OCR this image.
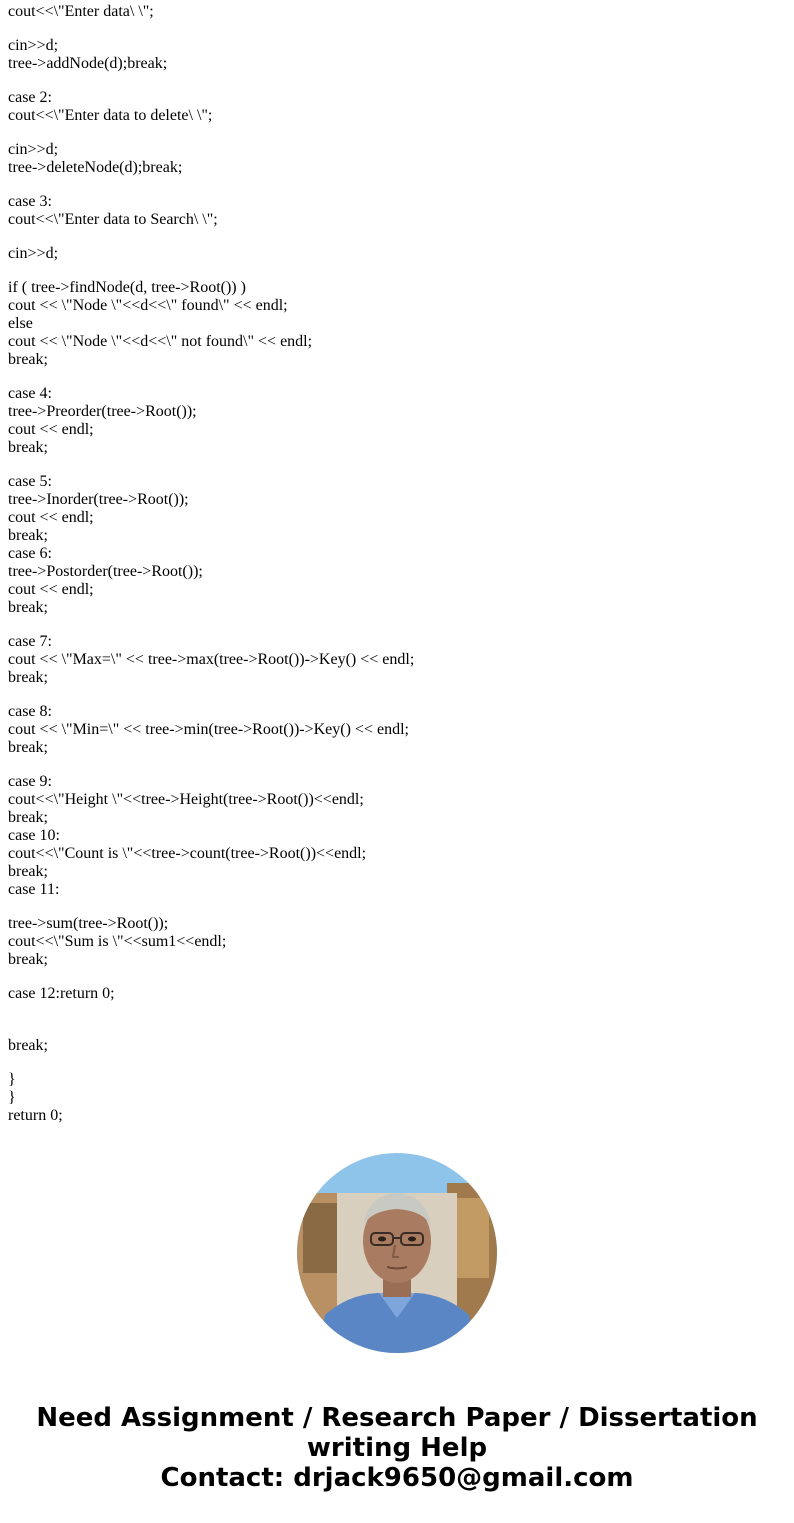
cout<<\"Enter data\ \";
cin>>d;
tree->addNode(d);break;
case 2:
cout<<\"Enter data to delete\ \";
cin>>d;
tree->deleteNode(d);break;
case 3:
cout<<\"Enter data to Search\ \";
cin>>d;
if ( tree->findNode(d, tree->Root()) )
cout << \"Node \"<<d<<\" found\" << endl;
else
cout << \"Node \"<<d<<\" not found\" << endl;
break;
case 4:
tree->Preorder(tree->Root());
cout << endl;
break;
case 5:
tree->Inorder(tree->Root());
cout << endl;
break;
case 6:
tree->Postorder(tree->Root());
cout << endl;
break;
case 7:
cout << \"Max=\" << tree->max(tree->Root())->Key() << endl;
break;
case 8:
cout << \"Min=\" << tree->min(tree->Root())->Key() << endl;
break;
case 9:
cout<<\"Height \"<<tree->Height(tree->Root())<<endl;
break;
case 10:
cout<<\"Count is \"<<tree->count(tree->Root())<<endl;
break;
case 11:
tree->sum(tree->Root());
cout<<\"Sum is \"<<sum1<<endl;
break;
case 12:return 0;
break;
}
}
return 0;
Need Assignment / Research Paper / Dissertation
writing Help
Contact: drjack9650@gmail.com
